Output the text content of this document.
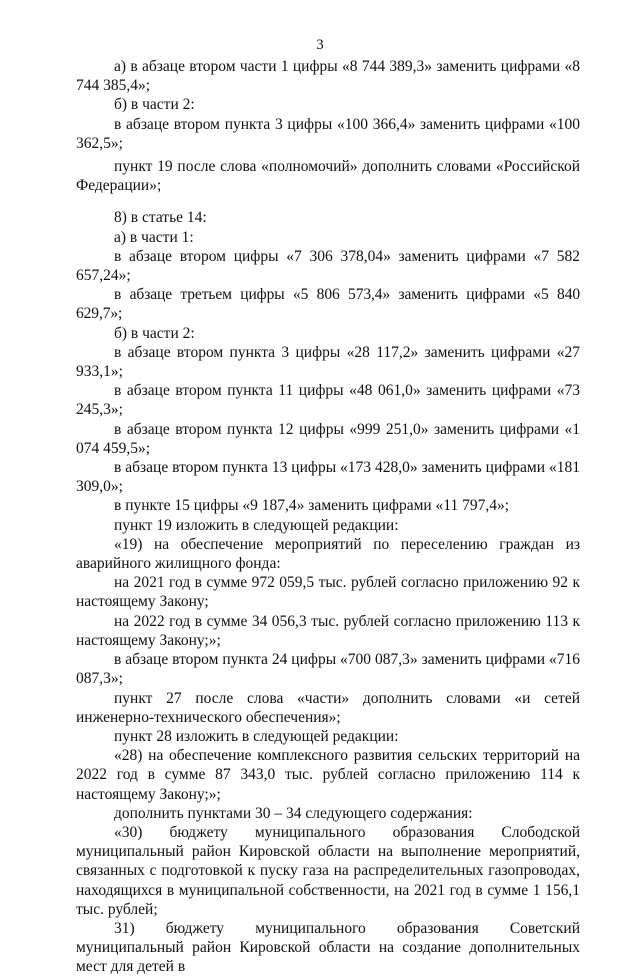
3

а) в абзаце втором части 1 цифры «8 744 389,3» заменить цифрами «8 744 385,4»;

б) в части 2:

в абзаце втором пункта 3 цифры «100 366,4» заменить цифрами «100 362,5»;

пункт 19 после слова «полномочий» дополнить словами «Российской Федерации»;

8) в статье 14:

а) в части 1:

в абзаце втором цифры «7 306 378,04» заменить цифрами «7 582 657,24»;

в абзаце третьем цифры «5 806 573,4» заменить цифрами «5 840 629,7»;

б) в части 2:

в абзаце втором пункта 3 цифры «28 117,2» заменить цифрами «27 933,1»;

в абзаце втором пункта 11 цифры «48 061,0» заменить цифрами «73 245,3»;

в абзаце втором пункта 12 цифры «999 251,0» заменить цифрами «1 074 459,5»;

в абзаце втором пункта 13 цифры «173 428,0» заменить цифрами «181 309,0»;

в пункте 15 цифры «9 187,4» заменить цифрами «11 797,4»;

пункт 19 изложить в следующей редакции:

«19) на обеспечение мероприятий по переселению граждан из аварийного жилищного фонда:

на 2021 год в сумме 972 059,5 тыс. рублей согласно приложению 92 к настоящему Закону;

на 2022 год в сумме 34 056,3 тыс. рублей согласно приложению 113 к настоящему Закону;»;

в абзаце втором пункта 24 цифры «700 087,3» заменить цифрами «716 087,3»;

пункт 27 после слова «части» дополнить словами «и сетей инженерно-технического обеспечения»;

пункт 28 изложить в следующей редакции:

«28) на обеспечение комплексного развития сельских территорий на 2022 год в сумме 87 343,0 тыс. рублей согласно приложению 114 к настоящему Закону;»;

дополнить пунктами 30 – 34 следующего содержания:

«30) бюджету муниципального образования Слободской муниципальный район Кировской области на выполнение мероприятий, связанных с подготовкой к пуску газа на распределительных газопроводах, находящихся в муниципальной собственности, на 2021 год в сумме 1 156,1 тыс. рублей;

31) бюджету муниципального образования Советский муниципальный район Кировской области на создание дополнительных мест для детей в
